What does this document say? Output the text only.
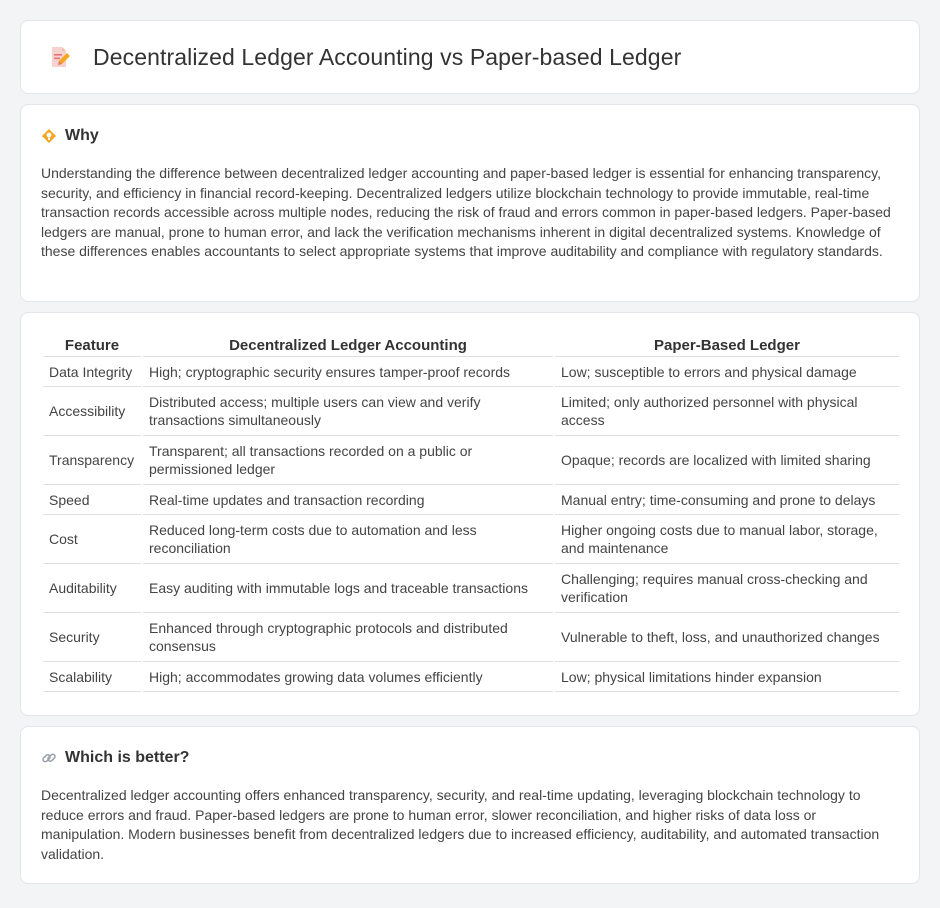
Decentralized Ledger Accounting vs Paper-based Ledger
Why

Understanding the difference between decentralized ledger accounting and paper-based ledger is essential for enhancing transparency, security, and efficiency in financial record-keeping. Decentralized ledgers utilize blockchain technology to provide immutable, real-time transaction records accessible across multiple nodes, reducing the risk of fraud and errors common in paper-based ledgers. Paper-based ledgers are manual, prone to human error, and lack the verification mechanisms inherent in digital decentralized systems. Knowledge of these differences enables accountants to select appropriate systems that improve auditability and compliance with regulatory standards.

Feature	Decentralized Ledger Accounting	Paper-Based Ledger
Data Integrity	High; cryptographic security ensures tamper-proof records	Low; susceptible to errors and physical damage
Accessibility	Distributed access; multiple users can view and verify transactions simultaneously	Limited; only authorized personnel with physical access
Transparency	Transparent; all transactions recorded on a public or permissioned ledger	Opaque; records are localized with limited sharing
Speed	Real-time updates and transaction recording	Manual entry; time-consuming and prone to delays
Cost	Reduced long-term costs due to automation and less reconciliation	Higher ongoing costs due to manual labor, storage, and maintenance
Auditability	Easy auditing with immutable logs and traceable transactions	Challenging; requires manual cross-checking and verification
Security	Enhanced through cryptographic protocols and distributed consensus	Vulnerable to theft, loss, and unauthorized changes
Scalability	High; accommodates growing data volumes efficiently	Low; physical limitations hinder expansion
Which is better?

Decentralized ledger accounting offers enhanced transparency, security, and real-time updating, leveraging blockchain technology to reduce errors and fraud. Paper-based ledgers are prone to human error, slower reconciliation, and higher risks of data loss or manipulation. Modern businesses benefit from decentralized ledgers due to increased efficiency, auditability, and automated transaction validation.
